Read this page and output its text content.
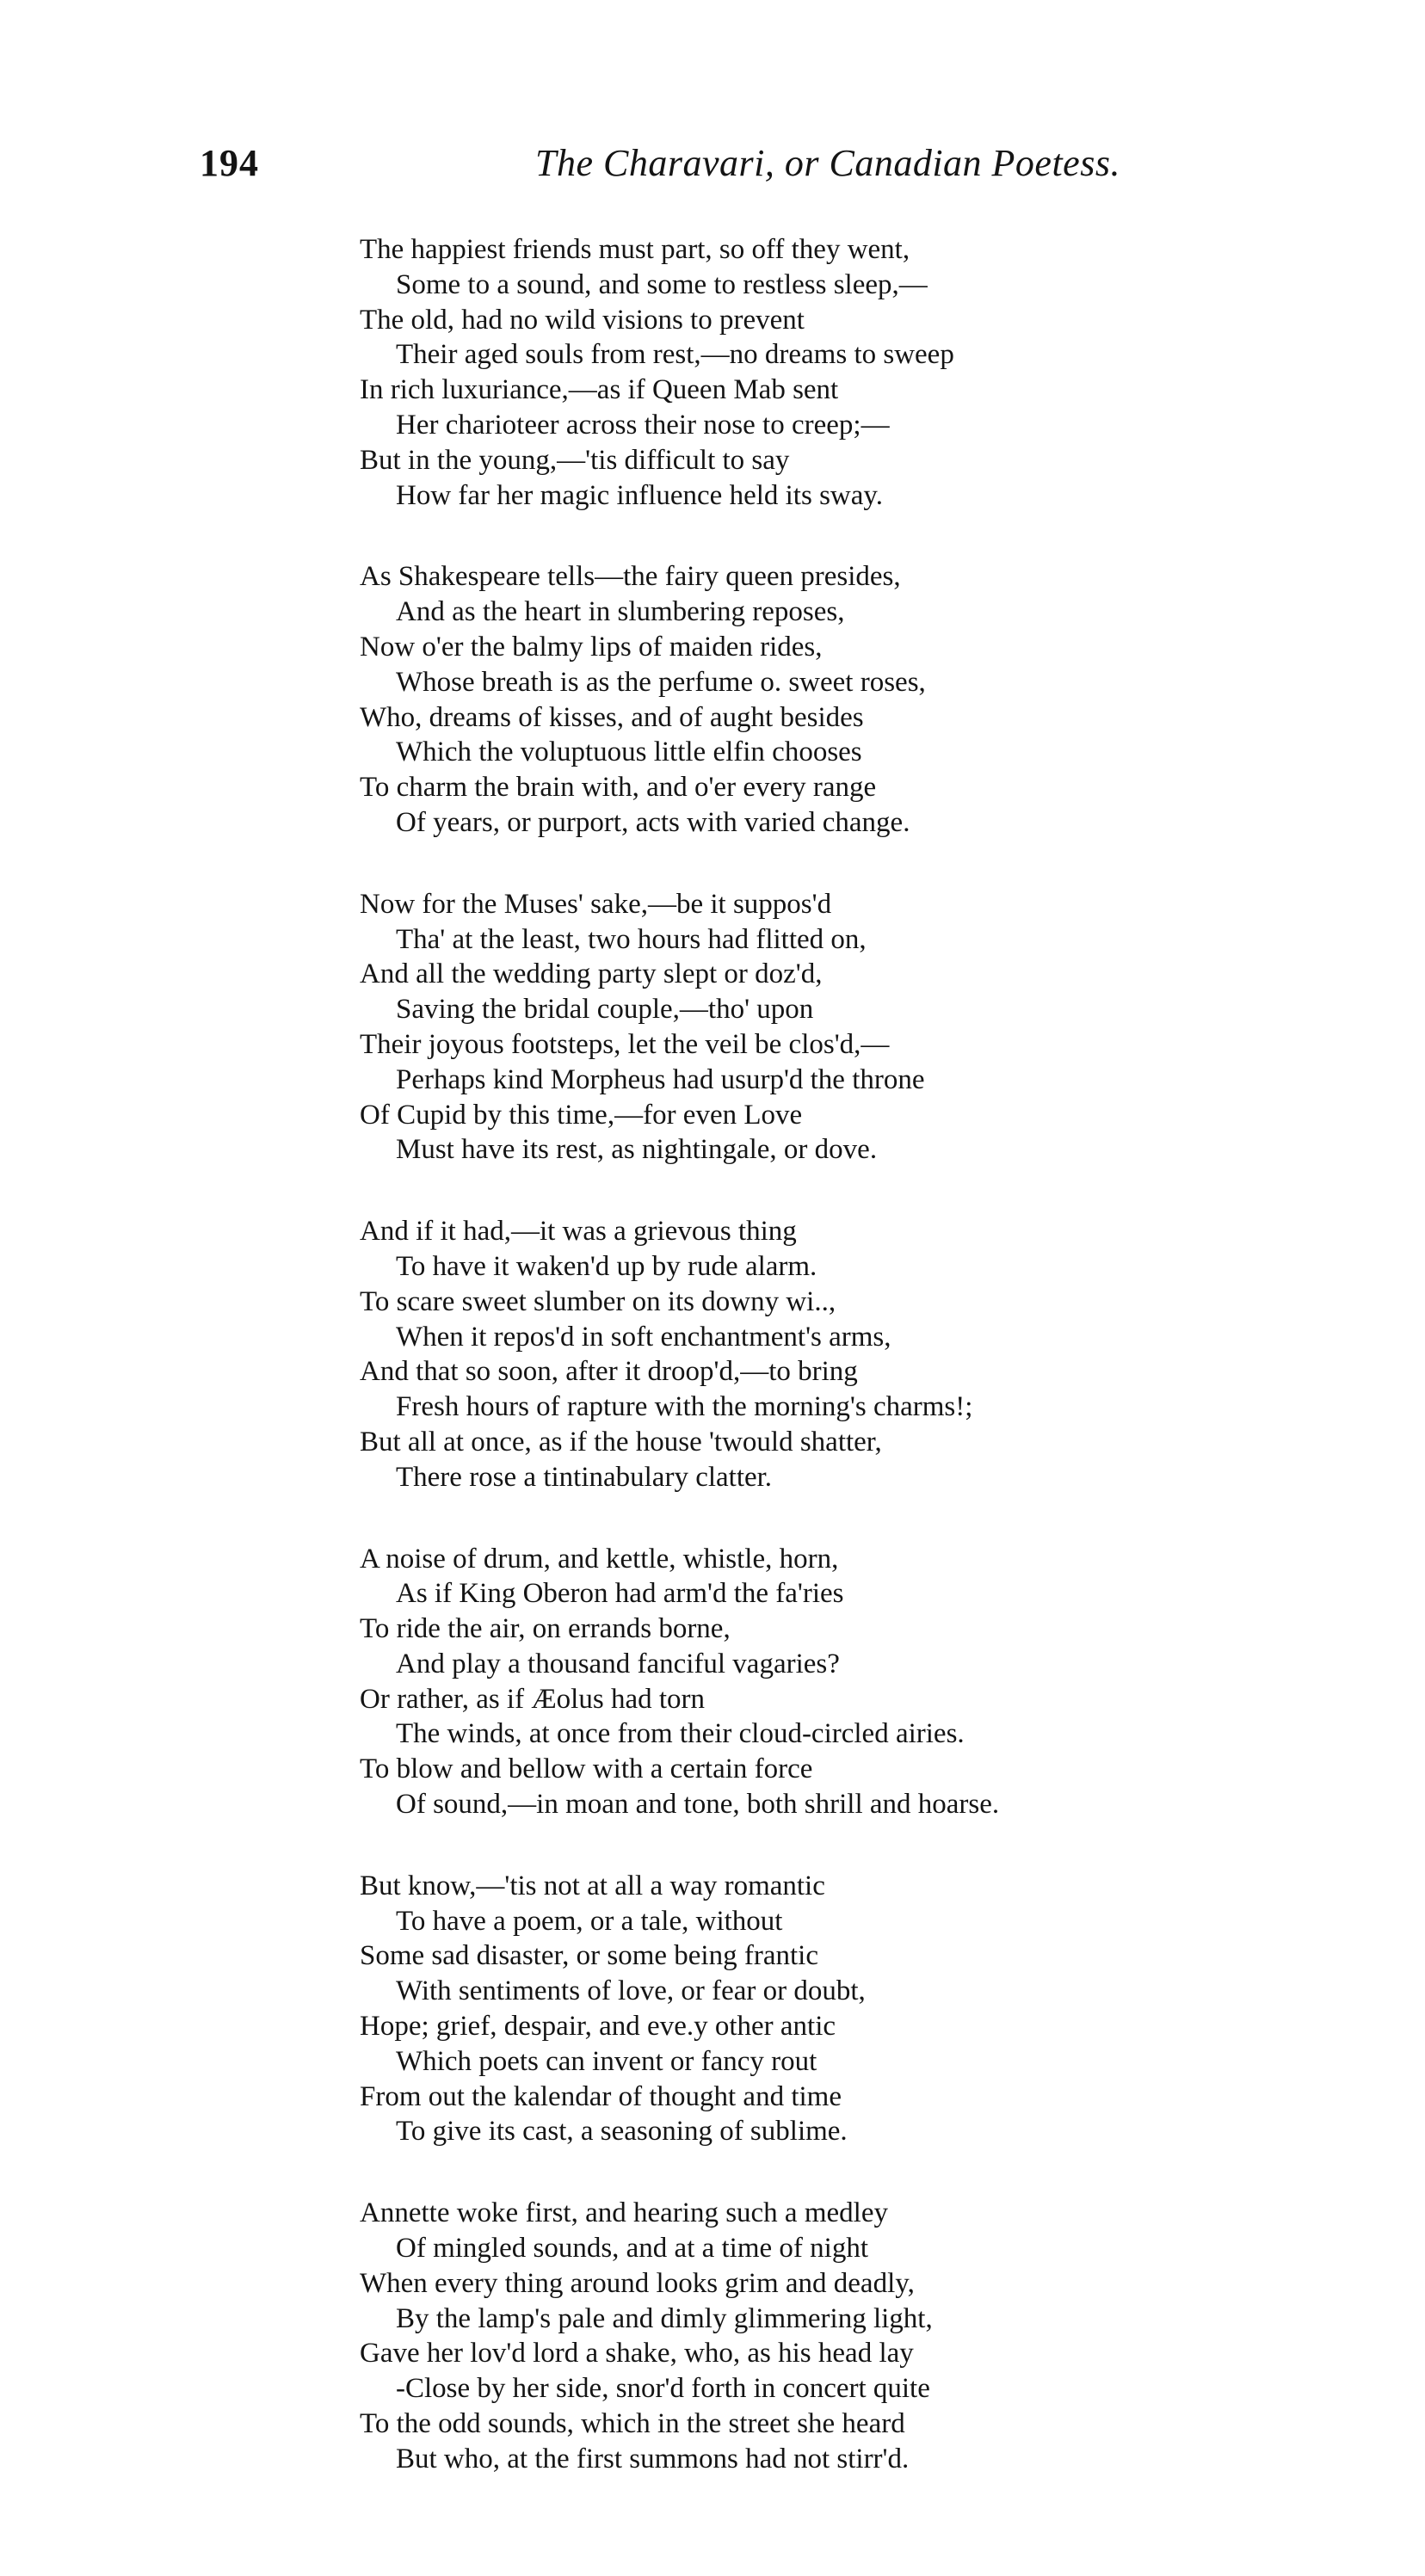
194	The Charavari, or Canadian Poetess.
The happiest friends must part, so off they went,
Some to a sound, and some to restless sleep,—
The old, had no wild visions to prevent
Their aged souls from rest,—no dreams to sweep
In rich luxuriance,—as if Queen Mab sent
Her charioteer across their nose to creep;—
But in the young,—'tis difficult to say
How far her magic influence held its sway.
As Shakespeare tells—the fairy queen presides,
And as the heart in slumbering reposes,
Now o'er the balmy lips of maiden rides,
Whose breath is as the perfume o. sweet roses,
Who, dreams of kisses, and of aught besides
Which the voluptuous little elfin chooses
To charm the brain with, and o'er every range
Of years, or purport, acts with varied change.
Now for the Muses' sake,—be it suppos'd
Tha' at the least, two hours had flitted on,
And all the wedding party slept or doz'd,
Saving the bridal couple,—tho' upon
Their joyous footsteps, let the veil be clos'd,—
Perhaps kind Morpheus had usurp'd the throne
Of Cupid by this time,—for even Love
Must have its rest, as nightingale, or dove.
And if it had,—it was a grievous thing
To have it waken'd up by rude alarm.
To scare sweet slumber on its downy wi..,
When it repos'd in soft enchantment's arms,
And that so soon, after it droop'd,—to bring
Fresh hours of rapture with the morning's charms!;
But all at once, as if the house 'twould shatter,
There rose a tintinabulary clatter.
A noise of drum, and kettle, whistle, horn,
As if King Oberon had arm'd the fa'ries
To ride the air, on errands borne,
And play a thousand fanciful vagaries?
Or rather, as if Æolus had torn
The winds, at once from their cloud-circled airies.
To blow and bellow with a certain force
Of sound,—in moan and tone, both shrill and hoarse.
But know,—'tis not at all a way romantic
To have a poem, or a tale, without
Some sad disaster, or some being frantic
With sentiments of love, or fear or doubt,
Hope; grief, despair, and eve.y other antic
Which poets can invent or fancy rout
From out the kalendar of thought and time
To give its cast, a seasoning of sublime.
Annette woke first, and hearing such a medley
Of mingled sounds, and at a time of night
When every thing around looks grim and deadly,
By the lamp's pale and dimly glimmering light,
Gave her lov'd lord a shake, who, as his head lay
-Close by her side, snor'd forth in concert quite
To the odd sounds, which in the street she heard
But who, at the first summons had not stirr'd.
